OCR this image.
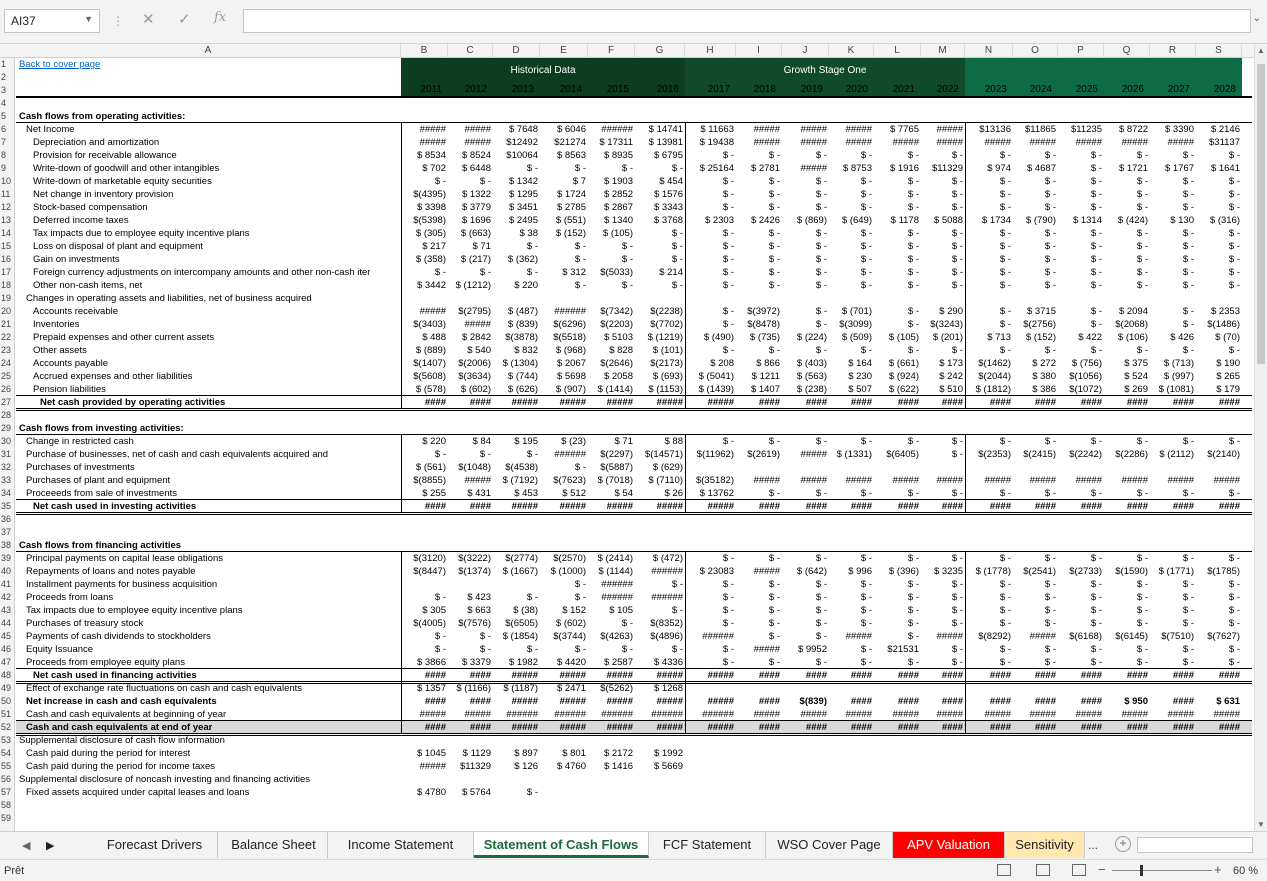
AI37	▼ ⋮ ✕ ✓ fx	⌄
A	B	C	D	E	F	G	H	I	J	K	L	M	N	O	P	Q	R	S
1
2
3
4
5
6
7
8
9
10
11
12
13
14
15
16
17
18
19
20
21
22
23
24
25
26
27
28
29
30
31
32
33
34
35
36
37
38
39
40
41
42
43
44
45
46
47
48
49
50
51
52
53
54
55
56
57
58
59
Back to cover page
Historical Data	Growth Stage One
2011	2012	2013	2014	2015	2016	2017	2018	2019	2020	2021	2022	2023	2024	2025	2026	2027	2028
Cash flows from operating activities:
Net Income	#####	#####	$ 7648	$ 6046	######	$ 14741	$ 11663	#####	#####	#####	$ 7765	#####	$13136	$11865	$11235	$ 8722	$ 3390	$ 2146
Depreciation and amortization	#####	#####	$12492	$21274	$ 17311	$ 13981	$ 19438	#####	#####	#####	#####	#####	#####	#####	#####	#####	#####	$31137
Provision for receivable allowance	$ 8534	$ 8524	$10064	$ 8563	$ 8935	$ 6795	$ -	$ -	$ -	$ -	$ -	$ -	$ -	$ -	$ -	$ -	$ -	$ -
Write-down of goodwill and other intangibles	$ 702	$ 6448	$ -	$ -	$ -	$ -	$ 25164	$ 2781	#####	$ 8753	$ 1916	$11329	$ 974	$ 4687	$ -	$ 1721	$ 1767	$ 1641
Write-down of marketable equity securities	$ -	$ -	$ 1342	$ 7	$ 1903	$ 454	$ -	$ -	$ -	$ -	$ -	$ -	$ -	$ -	$ -	$ -	$ -	$ -
Net change in inventory provision	$(4395)	$ 1322	$ 1295	$ 1724	$ 2852	$ 1576	$ -	$ -	$ -	$ -	$ -	$ -	$ -	$ -	$ -	$ -	$ -	$ -
Stock-based compensation	$ 3398	$ 3779	$ 3451	$ 2785	$ 2867	$ 3343	$ -	$ -	$ -	$ -	$ -	$ -	$ -	$ -	$ -	$ -	$ -	$ -
Deferred income taxes	$(5398)	$ 1696	$ 2495	$ (551)	$ 1340	$ 3768	$ 2303	$ 2426	$ (869)	$ (649)	$ 1178	$ 5088	$ 1734	$ (790)	$ 1314	$ (424)	$ 130	$ (316)
Tax impacts due to employee equity incentive plans	$ (305)	$ (663)	$ 38	$ (152)	$ (105)	$ -	$ -	$ -	$ -	$ -	$ -	$ -	$ -	$ -	$ -	$ -	$ -	$ -
Loss on disposal of plant and equipment	$ 217	$ 71	$ -	$ -	$ -	$ -	$ -	$ -	$ -	$ -	$ -	$ -	$ -	$ -	$ -	$ -	$ -	$ -
Gain on investments	$ (358)	$ (217)	$ (362)	$ -	$ -	$ -	$ -	$ -	$ -	$ -	$ -	$ -	$ -	$ -	$ -	$ -	$ -	$ -
Foreign currency adjustments on intercompany amounts and other non-cash iter	$ -	$ -	$ -	$ 312	$(5033)	$ 214	$ -	$ -	$ -	$ -	$ -	$ -	$ -	$ -	$ -	$ -	$ -	$ -
Other non-cash items, net	$ 3442	$ (1212)	$ 220	$ -	$ -	$ -	$ -	$ -	$ -	$ -	$ -	$ -	$ -	$ -	$ -	$ -	$ -	$ -
Changes in operating assets and liabilities, net of business acquired
Accounts receivable	#####	$(2795)	$ (487)	######	$(7342)	$(2238)	$ -	$(3972)	$ -	$ (701)	$ -	$ 290	$ -	$ 3715	$ -	$ 2094	$ -	$ 2353
Inventories	$(3403)	#####	$ (839)	$(6296)	$(2203)	$(7702)	$ -	$(8478)	$ -	$(3099)	$ -	$(3243)	$ -	$(2756)	$ -	$(2068)	$ -	$(1486)
Prepaid expenses and other current assets	$ 488	$ 2842	$(3878)	$(5518)	$ 5103	$ (1219)	$ (490)	$ (735)	$ (224)	$ (509)	$ (105)	$ (201)	$ 713	$ (152)	$ 422	$ (106)	$ 426	$ (70)
Other assets	$ (889)	$ 540	$ 832	$ (968)	$ 828	$ (101)	$ -	$ -	$ -	$ -	$ -	$ -	$ -	$ -	$ -	$ -	$ -	$ -
Accounts payable	$(1407)	$(2006)	$ (1304)	$ 2067	$(2646)	$(2173)	$ 208	$ 866	$ (403)	$ 164	$ (661)	$ 173	$(1462)	$ 272	$ (756)	$ 375	$ (713)	$ 190
Accrued expenses and other liabilities	$(5608)	$(3634)	$ (744)	$ 5698	$ 2058	$ (693)	$ (5041)	$ 1211	$ (563)	$ 230	$ (924)	$ 242	$(2044)	$ 380	$(1056)	$ 524	$ (997)	$ 265
Pension liabilities	$ (578)	$ (602)	$ (626)	$ (907)	$ (1414)	$ (1153)	$ (1439)	$ 1407	$ (238)	$ 507	$ (622)	$ 510	$ (1812)	$ 386	$(1072)	$ 269	$ (1081)	$ 179
Net cash provided by operating activities	####	####	#####	#####	#####	#####	#####	####	####	####	####	####	####	####	####	####	####	####
Cash flows from investing activities:
Change in restricted cash	$ 220	$ 84	$ 195	$ (23)	$ 71	$ 88	$ -	$ -	$ -	$ -	$ -	$ -	$ -	$ -	$ -	$ -	$ -	$ -
Purchase of businesses, net of cash and cash equivalents acquired and	$ -	$ -	$ -	######	$(2297)	$(14571)	$(11962)	$(2619)	#####	$ (1331)	$(6405)	$ -	$(2353)	$(2415)	$(2242)	$(2286)	$ (2112)	$(2140)
Purchases of investments	$ (561)	$(1048)	$(4538)	$ -	$(5887)	$ (629)
Purchases of plant and equipment	$(8855)	#####	$ (7192)	$(7623)	$ (7018)	$ (7110)	$(35182)	#####	#####	#####	#####	#####	#####	#####	#####	#####	#####	#####
Proceeeds from sale of investments	$ 255	$ 431	$ 453	$ 512	$ 54	$ 26	$ 13762	$ -	$ -	$ -	$ -	$ -	$ -	$ -	$ -	$ -	$ -	$ -
Net cash used in investing activities	####	####	#####	#####	#####	#####	#####	####	####	####	####	####	####	####	####	####	####	####
Cash flows from financing activities
Principal payments on capital lease obligations	$(3120)	$(3222)	$(2774)	$(2570)	$ (2414)	$ (472)	$ -	$ -	$ -	$ -	$ -	$ -	$ -	$ -	$ -	$ -	$ -	$ -
Repayments of loans and notes payable	$(8447)	$(1374)	$ (1667)	$ (1000)	$ (1144)	######	$ 23083	#####	$ (642)	$ 996	$ (396)	$ 3235	$ (1778)	$(2541)	$(2733)	$(1590)	$ (1771)	$(1785)
Installment payments for business acquisition	$ -	######	$ -	$ -	$ -	$ -	$ -	$ -	$ -	$ -	$ -	$ -	$ -	$ -	$ -
Proceeds from loans	$ -	$ 423	$ -	$ -	######	######	$ -	$ -	$ -	$ -	$ -	$ -	$ -	$ -	$ -	$ -	$ -	$ -
Tax impacts due to employee equity incentive plans	$ 305	$ 663	$ (38)	$ 152	$ 105	$ -	$ -	$ -	$ -	$ -	$ -	$ -	$ -	$ -	$ -	$ -	$ -	$ -
Purchases of treasury stock	$(4005)	$(7576)	$(6505)	$ (602)	$ -	$(8352)	$ -	$ -	$ -	$ -	$ -	$ -	$ -	$ -	$ -	$ -	$ -	$ -
Payments of cash dividends to stockholders	$ -	$ -	$ (1854)	$(3744)	$(4263)	$(4896)	######	$ -	$ -	#####	$ -	#####	$(8292)	#####	$(6168)	$(6145)	$(7510)	$(7627)
Equity Issuance	$ -	$ -	$ -	$ -	$ -	$ -	$ -	#####	$ 9952	$ -	$21531	$ -	$ -	$ -	$ -	$ -	$ -	$ -
Proceeds from employee equity plans	$ 3866	$ 3379	$ 1982	$ 4420	$ 2587	$ 4336	$ -	$ -	$ -	$ -	$ -	$ -	$ -	$ -	$ -	$ -	$ -	$ -
Net cash used in financing activities	####	####	#####	#####	#####	#####	#####	####	####	####	####	####	####	####	####	####	####	####
Effect of exchange rate fluctuations on cash and cash equivalents	$ 1357	$ (1166)	$ (1187)	$ 2471	$(5262)	$ 1268
Net increase in cash and cash equivalents	####	####	#####	#####	#####	#####	#####	####	$(839)	####	####	####	####	####	####	$ 950	####	$ 631
Cash and cash equivalents at beginning of year	#####	#####	######	######	######	######	######	#####	#####	#####	#####	#####	#####	#####	#####	#####	#####	#####
Cash and cash equivalents at end of year	####	####	#####	#####	#####	#####	#####	####	####	####	####	####	####	####	####	####	####	####
Supplemental disclosure of cash flow information
Cash paid during the period for interest	$ 1045	$ 1129	$ 897	$ 801	$ 2172	$ 1992
Cash paid during the period for income taxes	#####	$11329	$ 126	$ 4760	$ 1416	$ 5669
Supplemental disclosure of noncash investing and financing activities
Fixed assets acquired under capital leases and loans	$ 4780	$ 5764	$ -
▲
▼
◀ ▶	Forecast Drivers	Balance Sheet	Income Statement	Statement of Cash Flows	FCF Statement	WSO Cover Page	APV Valuation	Sensitivity	...	+
Prêt	−	+ 60 %
